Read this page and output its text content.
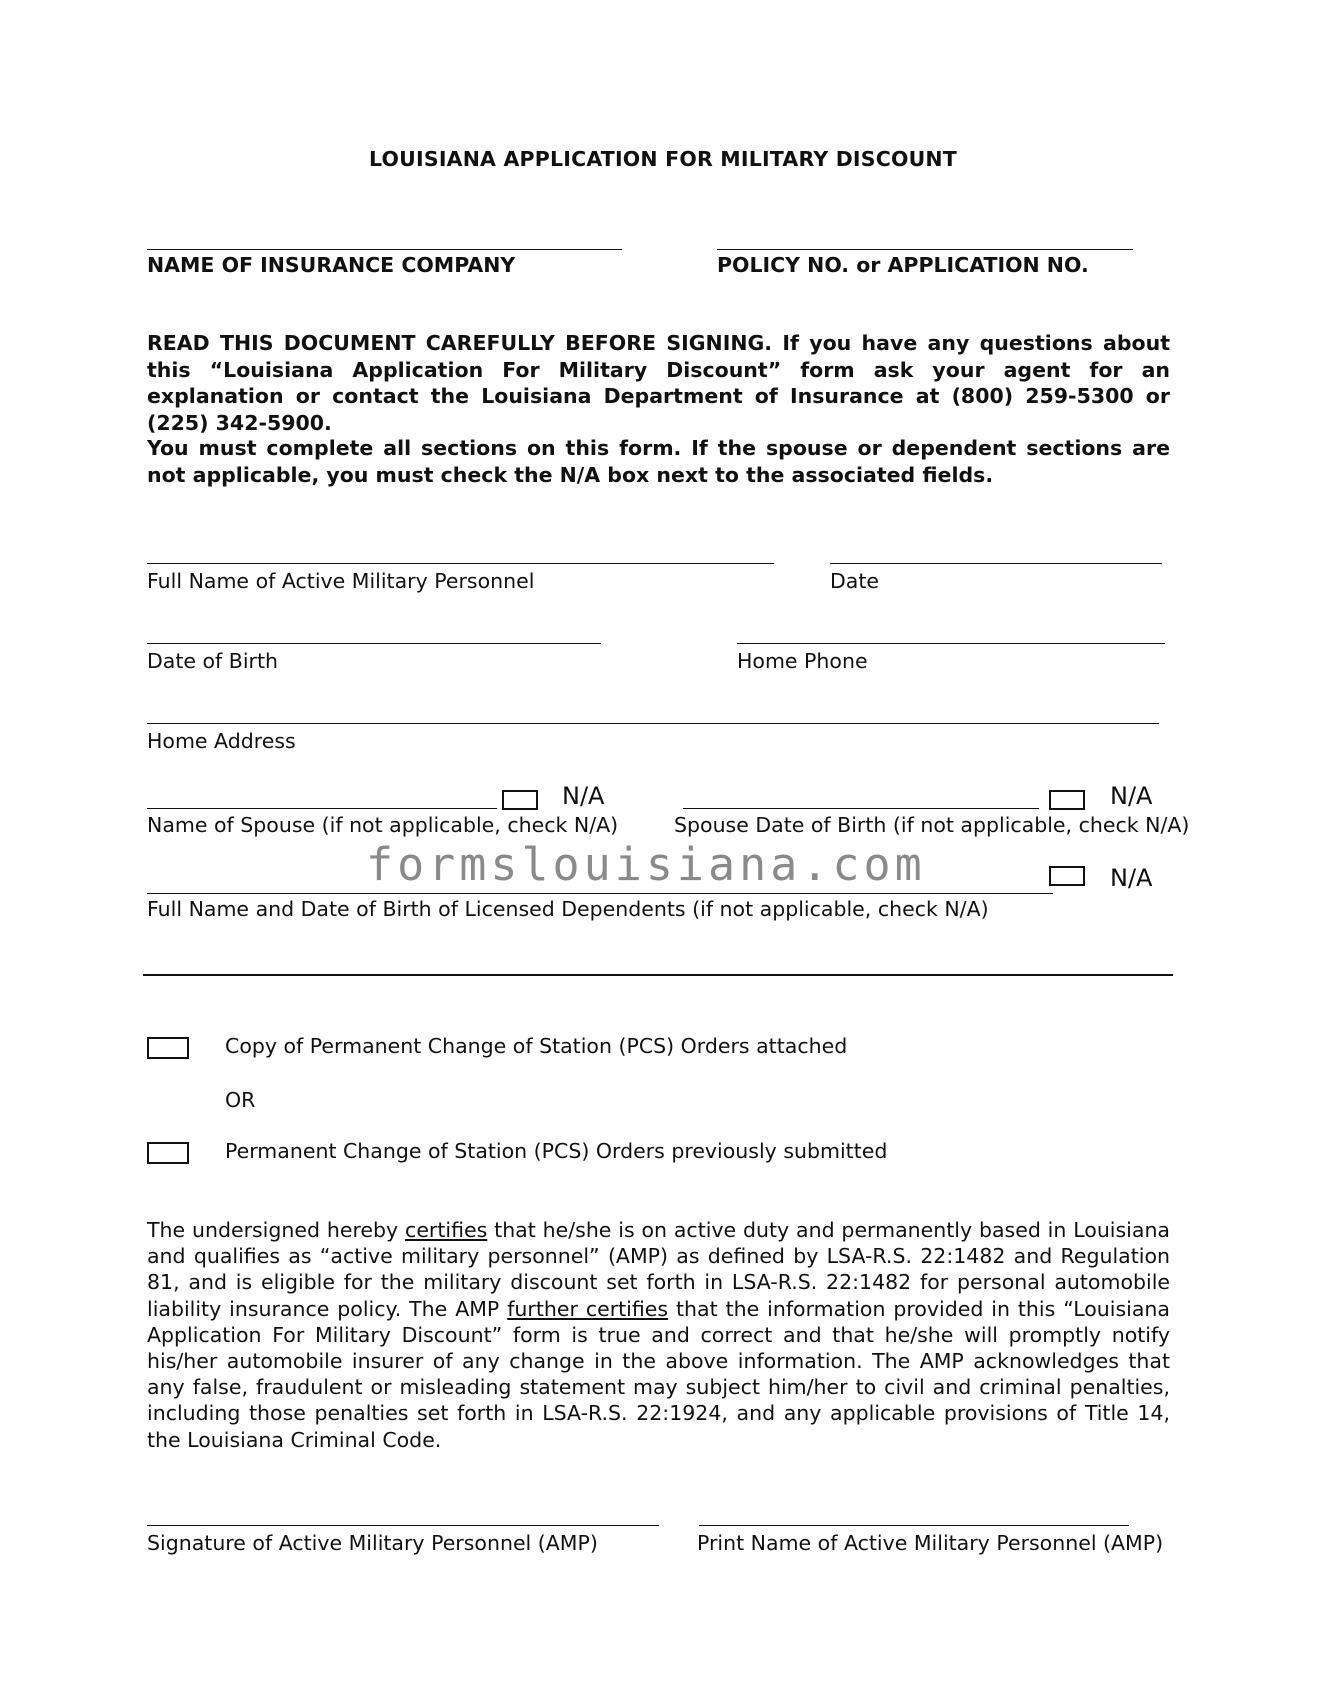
LOUISIANA APPLICATION FOR MILITARY DISCOUNT
NAME OF INSURANCE COMPANY	POLICY NO. or APPLICATION NO.
READ THIS DOCUMENT CAREFULLY BEFORE SIGNING. If you have any questions about this “Louisiana Application For Military Discount” form ask your agent for an explanation or contact the Louisiana Department of Insurance at (800) 259-5300 or (225) 342-5900.
You must complete all sections on this form. If the spouse or dependent sections are not applicable, you must check the N/A box next to the associated fields.
Full Name of Active Military Personnel	Date
Date of Birth	Home Phone
Home Address
N/A	N/A
Name of Spouse (if not applicable, check N/A)	Spouse Date of Birth (if not applicable, check N/A)
formslouisiana.com	N/A
Full Name and Date of Birth of Licensed Dependents (if not applicable, check N/A)
Copy of Permanent Change of Station (PCS) Orders attached
OR
Permanent Change of Station (PCS) Orders previously submitted
The undersigned hereby certifies that he/she is on active duty and permanently based in Louisiana and qualifies as “active military personnel” (AMP) as defined by LSA-R.S. 22:1482 and Regulation 81, and is eligible for the military discount set forth in LSA-R.S. 22:1482 for personal automobile liability insurance policy. The AMP further certifies that the information provided in this “Louisiana Application For Military Discount” form is true and correct and that he/she will promptly notify his/her automobile insurer of any change in the above information. The AMP acknowledges that any false, fraudulent or misleading statement may subject him/her to civil and criminal penalties, including those penalties set forth in LSA-R.S. 22:1924, and any applicable provisions of Title 14, the Louisiana Criminal Code.
Signature of Active Military Personnel (AMP)	Print Name of Active Military Personnel (AMP)
